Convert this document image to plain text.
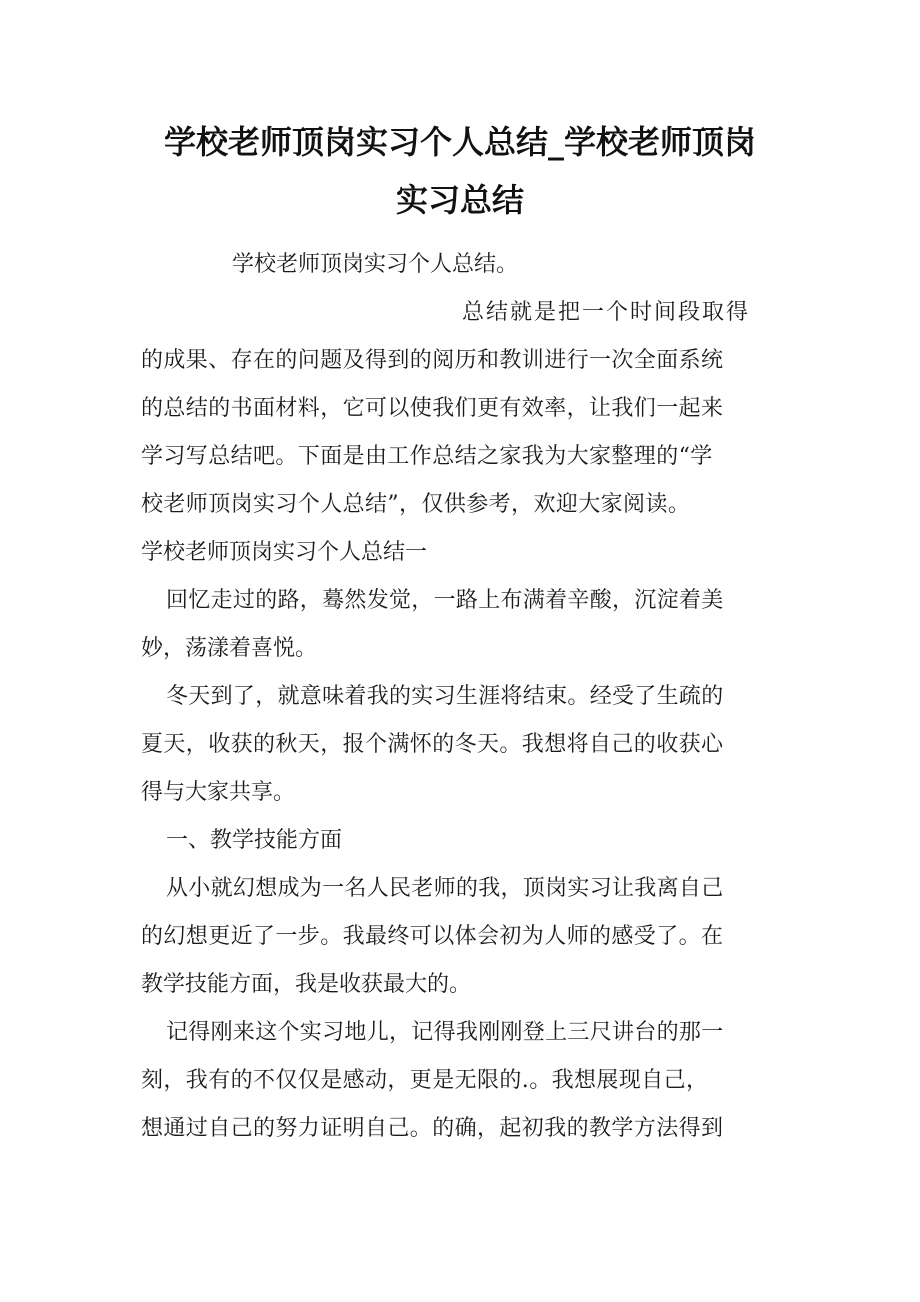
学校老师顶岗实习个人总结_学校老师顶岗
实习总结
学校老师顶岗实习个人总结。
总结就是把一个时间段取得
的成果、存在的问题及得到的阅历和教训进行一次全面系统
的总结的书面材料，它可以使我们更有效率，让我们一起来
学习写总结吧。下面是由工作总结之家我为大家整理的“学
校老师顶岗实习个人总结”，仅供参考，欢迎大家阅读。
学校老师顶岗实习个人总结一
回忆走过的路，蓦然发觉，一路上布满着辛酸，沉淀着美
妙，荡漾着喜悦。
冬天到了，就意味着我的实习生涯将结束。经受了生疏的
夏天，收获的秋天，报个满怀的冬天。我想将自己的收获心
得与大家共享。
一、教学技能方面
从小就幻想成为一名人民老师的我，顶岗实习让我离自己
的幻想更近了一步。我最终可以体会初为人师的感受了。在
教学技能方面，我是收获最大的。
记得刚来这个实习地儿，记得我刚刚登上三尺讲台的那一
刻，我有的不仅仅是感动，更是无限的.。我想展现自己，
想通过自己的努力证明自己。的确，起初我的教学方法得到
